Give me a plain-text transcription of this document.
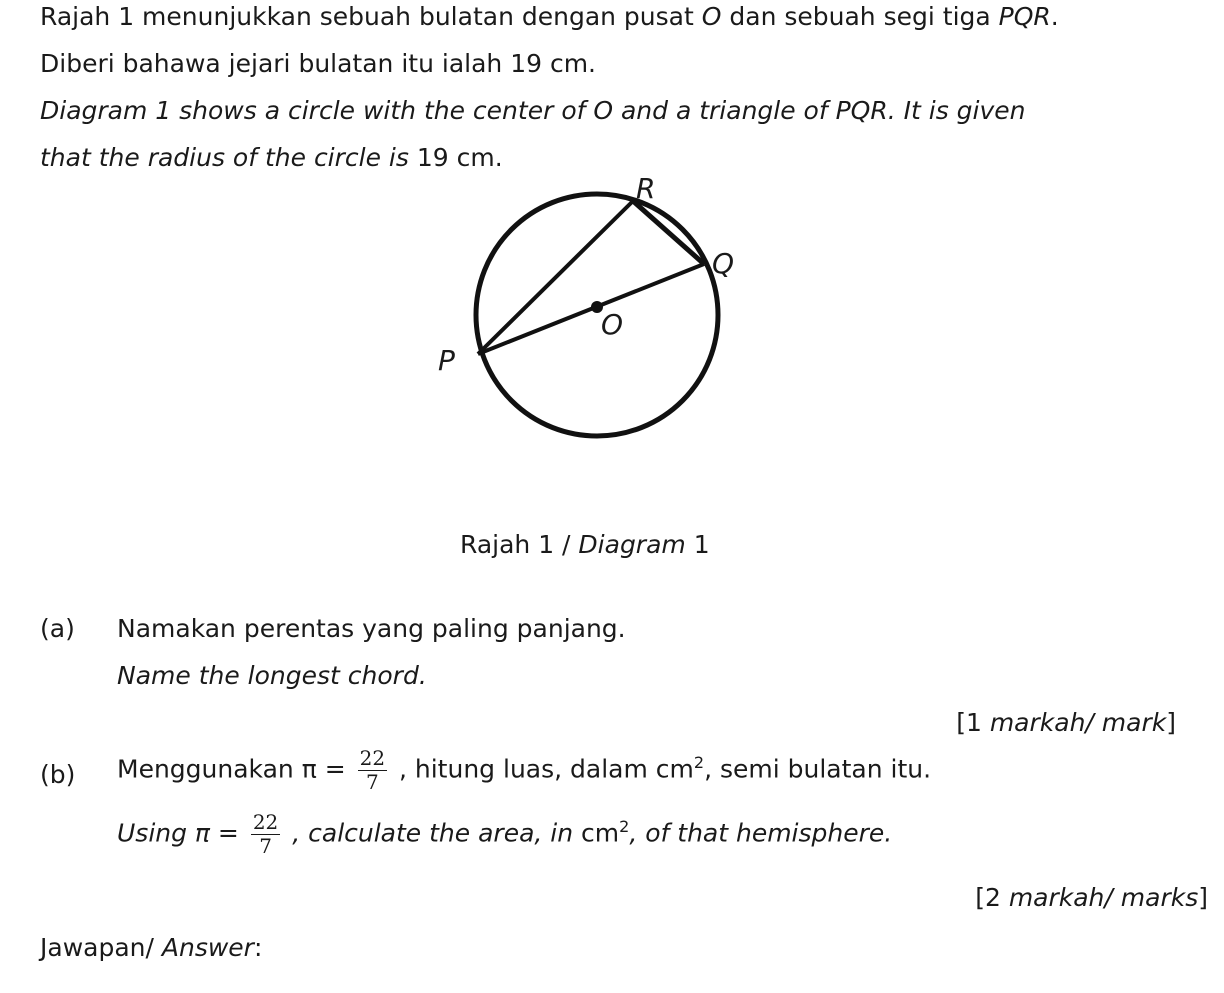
Rajah 1 menunjukkan sebuah bulatan dengan pusat O dan sebuah segi tiga PQR.
Diberi bahawa jejari bulatan itu ialah 19 cm.
Diagram 1 shows a circle with the center of O and a triangle of PQR. It is given
that the radius of the circle is 19 cm.
P
Q
R
O
Rajah 1 / Diagram 1
(a) Namakan perentas yang paling panjang.
Name the longest chord.
[1 markah/ mark]
(b) Menggunakan $\pi = \frac{22}{7}$ , hitung luas, dalam $cm^2$, semi bulatan itu.
Using $\pi = \frac{22}{7}$ , calculate the area, in $cm^2$, of that hemisphere.
[2 markah/ marks]
Jawapan/ Answer:
